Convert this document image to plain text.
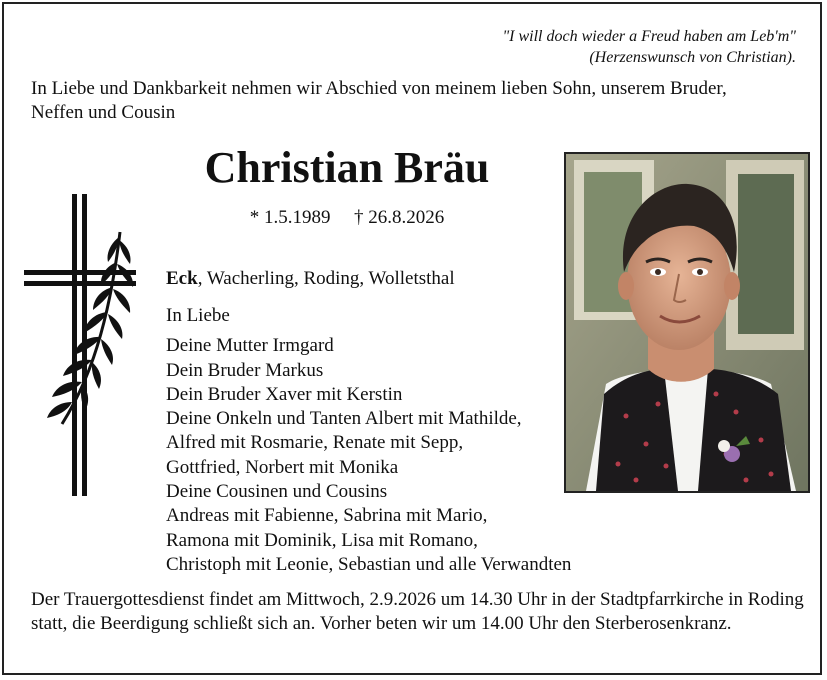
"I will doch wieder a Freud haben am Leb'm"
(Herzenswunsch von Christian).
In Liebe und Dankbarkeit nehmen wir Abschied von meinem lieben Sohn, unserem Bruder, Neffen und Cousin
Christian Bräu
* 1.5.1989 † 26.8.2026
Eck, Wacherling, Roding, Wolletsthal
In Liebe
Deine Mutter Irmgard
Dein Bruder Markus
Dein Bruder Xaver mit Kerstin
Deine Onkeln und Tanten Albert mit Mathilde,
Alfred mit Rosmarie, Renate mit Sepp,
Gottfried, Norbert mit Monika
Deine Cousinen und Cousins
Andreas mit Fabienne, Sabrina mit Mario,
Ramona mit Dominik, Lisa mit Romano,
Christoph mit Leonie, Sebastian und alle Verwandten
Der Trauergottesdienst findet am Mittwoch, 2.9.2026 um 14.30 Uhr in der Stadtpfarrkirche in Roding statt, die Beerdigung schließt sich an. Vorher beten wir um 14.00 Uhr den Sterberosenkranz.
